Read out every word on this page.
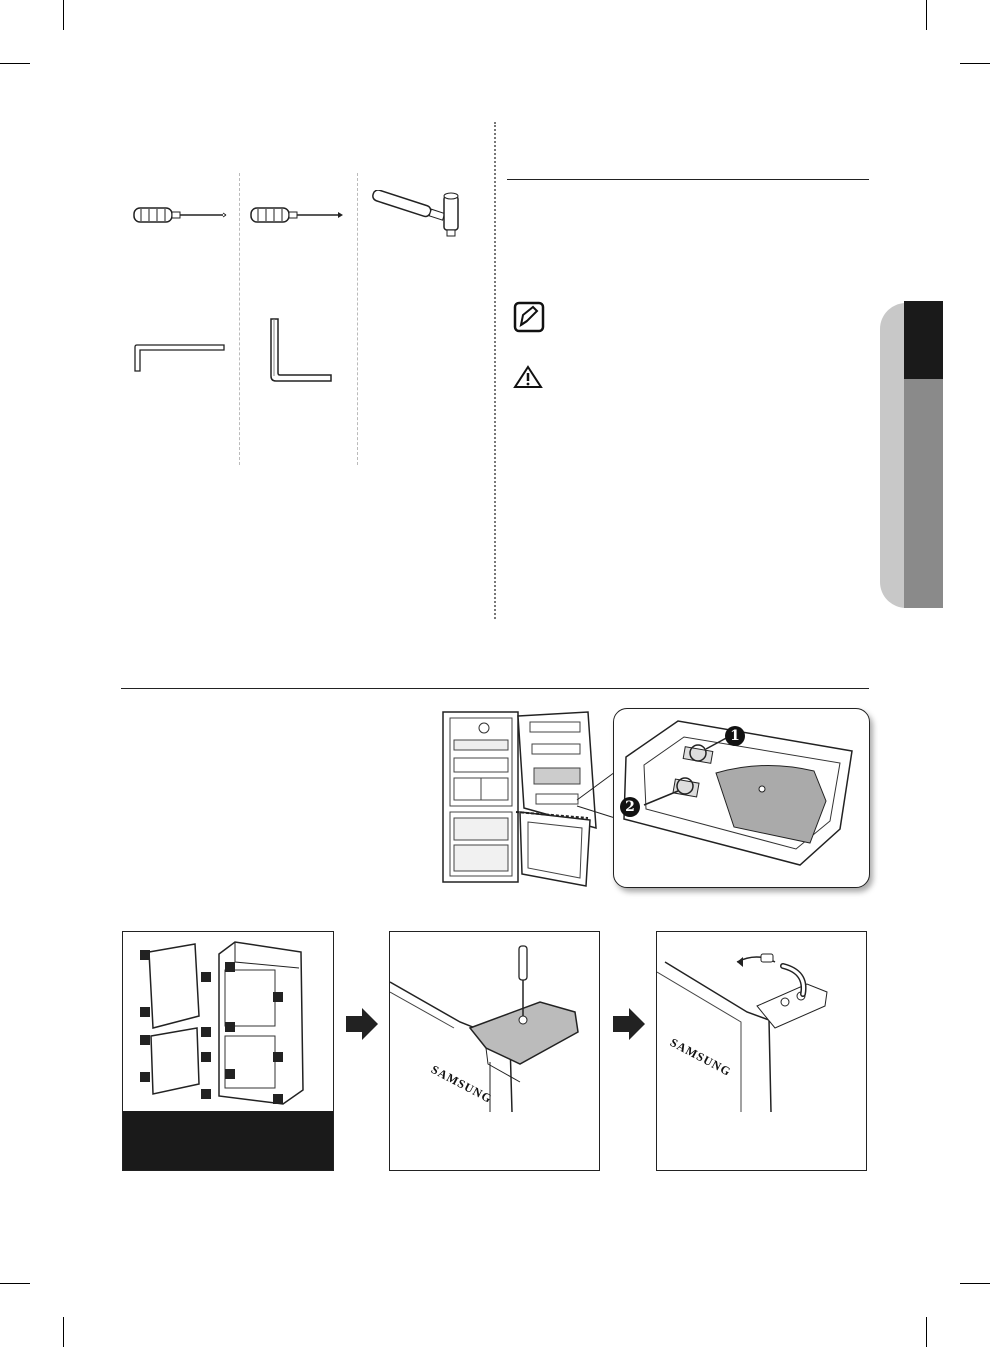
1
2
SAMSUNG
SAMSUNG
